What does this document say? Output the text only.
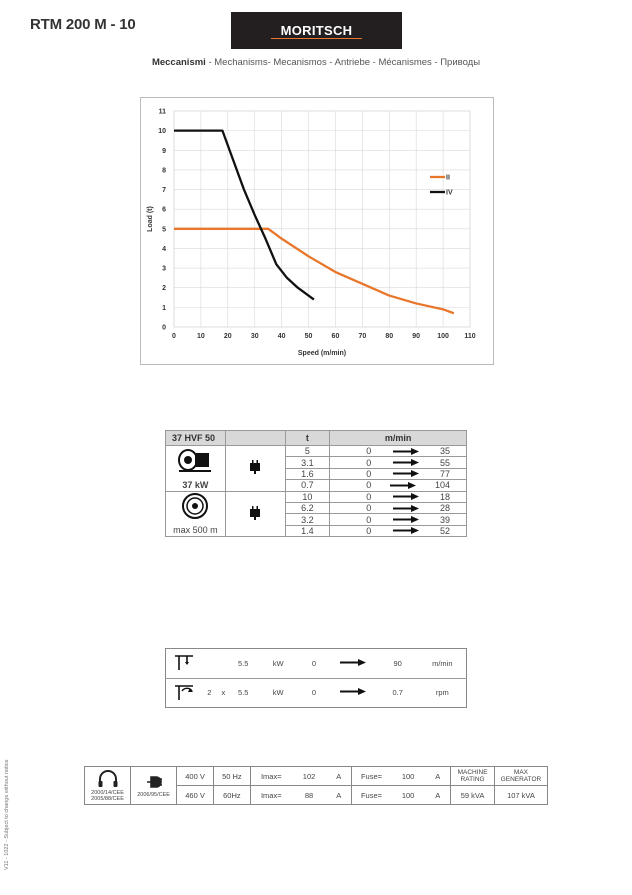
RTM 200 M - 10	MORITSCH
Meccanismi - Mechanisms- Mecanismos - Antriebe - Mécanismes - Приводы
0	10	20	30	40	50	60	70	80	90 100 110
0
1
2
3
4
5
6
7
8
9
10
11
Speed (m/min)
Load (t)
II
IV
37 HVF 50		t	m/min

37 kW		5	0 35

		3.1	0 55

		1.6	0 77

		0.7	0 104

max 500 m		10	0 18

		6.2	0 28

		3.2	0 39

		1.4	0 52
			5.5	kW	0		90	m/min
	2	x	5.5	kW	0		0.7	rpm
2000/14/CEE
2005/88/CEE	2006/95/CEE	400 V	50 Hz	Imax=	102	A	Fuse=	100	A	MACHINE RATING	MAX GENERATOR
		460 V	60Hz	Imax=	88	A	Fuse=	100	A	59 kVA	107 kVA
V11 - 1022 - Subject to change without notice
